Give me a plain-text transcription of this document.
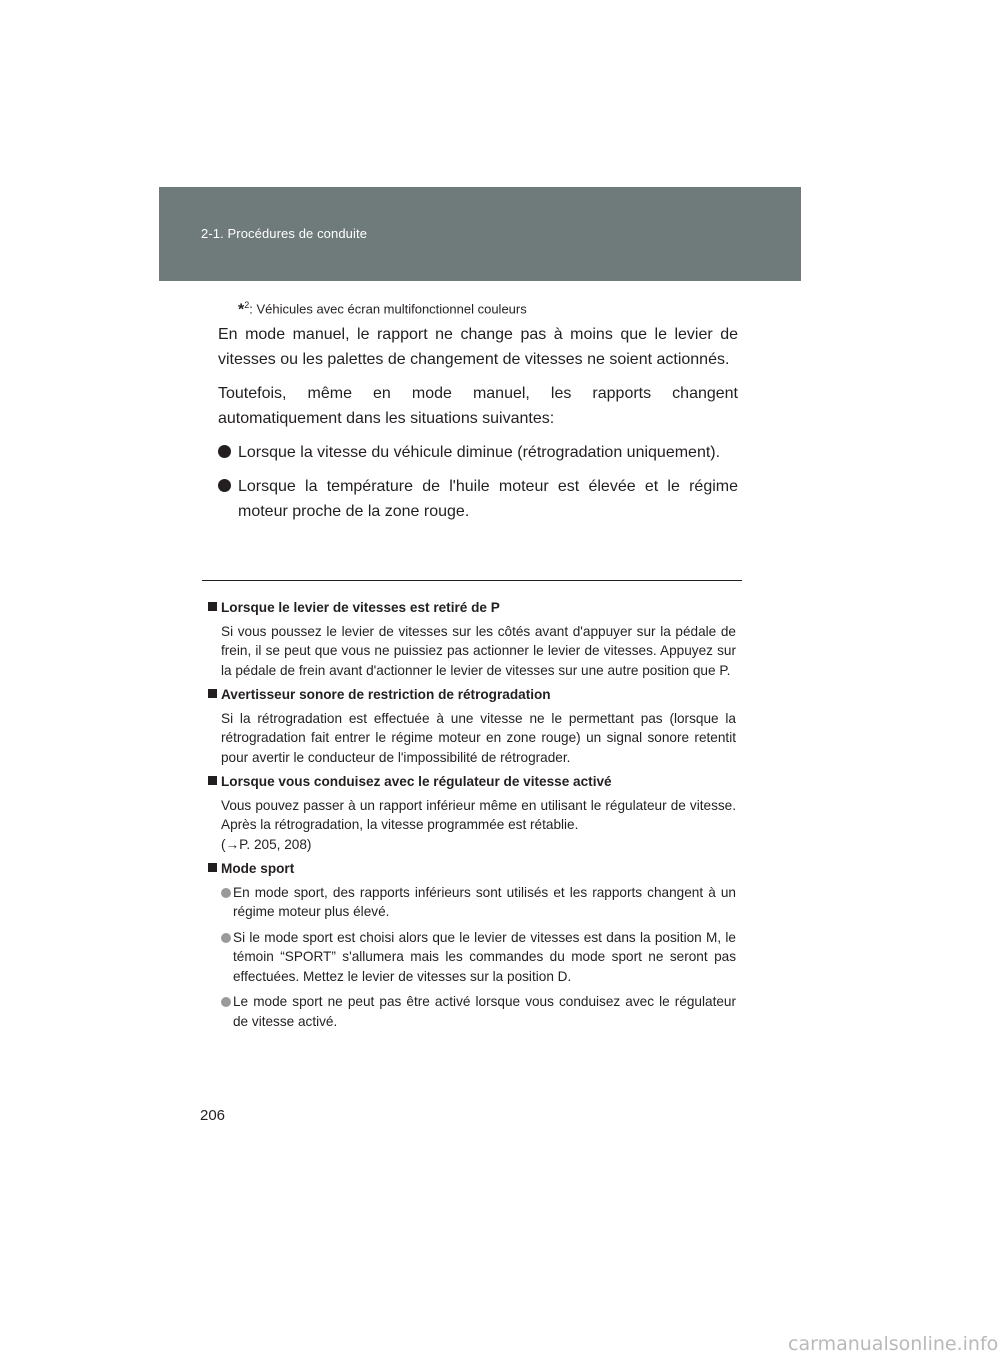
2-1. Procédures de conduite
*$^2$: Véhicules avec écran multifonctionnel couleurs

En mode manuel, le rapport ne change pas à moins que le levier de vitesses ou les palettes de changement de vitesses ne soient actionnés.

Toutefois, même en mode manuel, les rapports changent automatiquement dans les situations suivantes:

Lorsque la vitesse du véhicule diminue (rétrogradation uniquement).
Lorsque la température de l'huile moteur est élevée et le régime moteur proche de la zone rouge.
Lorsque le levier de vitesses est retiré de P
Si vous poussez le levier de vitesses sur les côtés avant d'appuyer sur la pédale de frein, il se peut que vous ne puissiez pas actionner le levier de vitesses. Appuyez sur la pédale de frein avant d'actionner le levier de vitesses sur une autre position que P.
Avertisseur sonore de restriction de rétrogradation
Si la rétrogradation est effectuée à une vitesse ne le permettant pas (lorsque la rétrogradation fait entrer le régime moteur en zone rouge) un signal sonore retentit pour avertir le conducteur de l'impossibilité de rétrograder.
Lorsque vous conduisez avec le régulateur de vitesse activé
Vous pouvez passer à un rapport inférieur même en utilisant le régulateur de vitesse. Après la rétrogradation, la vitesse programmée est rétablie.
(→P. 205, 208)
Mode sport
En mode sport, des rapports inférieurs sont utilisés et les rapports changent à un régime moteur plus élevé.
Si le mode sport est choisi alors que le levier de vitesses est dans la position M, le témoin “SPORT” s'allumera mais les commandes du mode sport ne seront pas effectuées. Mettez le levier de vitesses sur la position D.
Le mode sport ne peut pas être activé lorsque vous conduisez avec le régulateur de vitesse activé.
206
carmanualsonline.info
